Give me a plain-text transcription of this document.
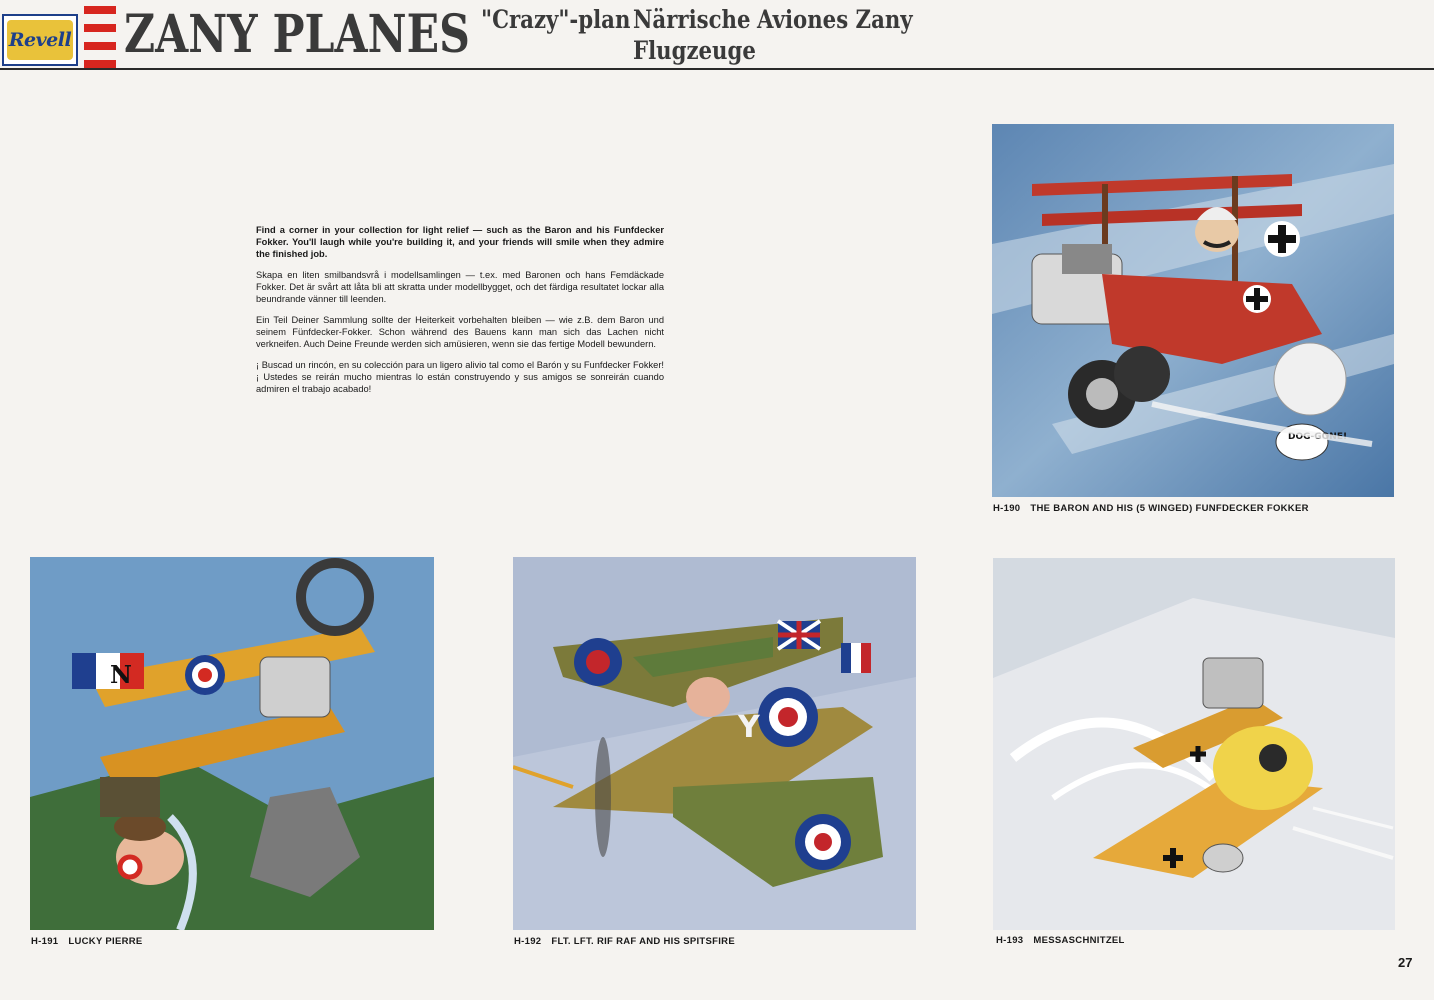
Revell ZANY PLANES "Crazy"-plan Närrische
Flugzeuge
Aviones Zany

Find a corner in your collection for light relief — such as the Baron and his Funfdecker Fokker. You'll laugh while you're building it, and your friends will smile when they admire the finished job.

Skapa en liten smilbandsvrå i modellsamlingen — t.ex. med Baronen och hans Femdäckade Fokker. Det är svårt att låta bli att skratta under modellbygget, och det färdiga resultatet lockar alla beundrande vänner till leenden.

Ein Teil Deiner Sammlung sollte der Heiterkeit vorbehalten bleiben — wie z.B. dem Baron und seinem Fünfdecker-Fokker. Schon während des Bauens kann man sich das Lachen nicht verkneifen. Auch Deine Freunde werden sich amüsieren, wenn sie das fertige Modell bewundern.

¡ Buscad un rincón, en su colección para un ligero alivio tal como el Barón y su Funfdecker Fokker! ¡ Ustedes se reirán mucho mientras lo están construyendo y sus amigos se sonreirán cuando admiren el trabajo acabado!

DOG-GONE!
H-190 THE BARON AND HIS (5 WINGED) FUNFDECKER FOKKER
N
H-191 LUCKY PIERRE
Y
H-192 FLT. LFT. RIF RAF AND HIS SPITSFIRE	H-193 MESSASCHNITZEL
27
